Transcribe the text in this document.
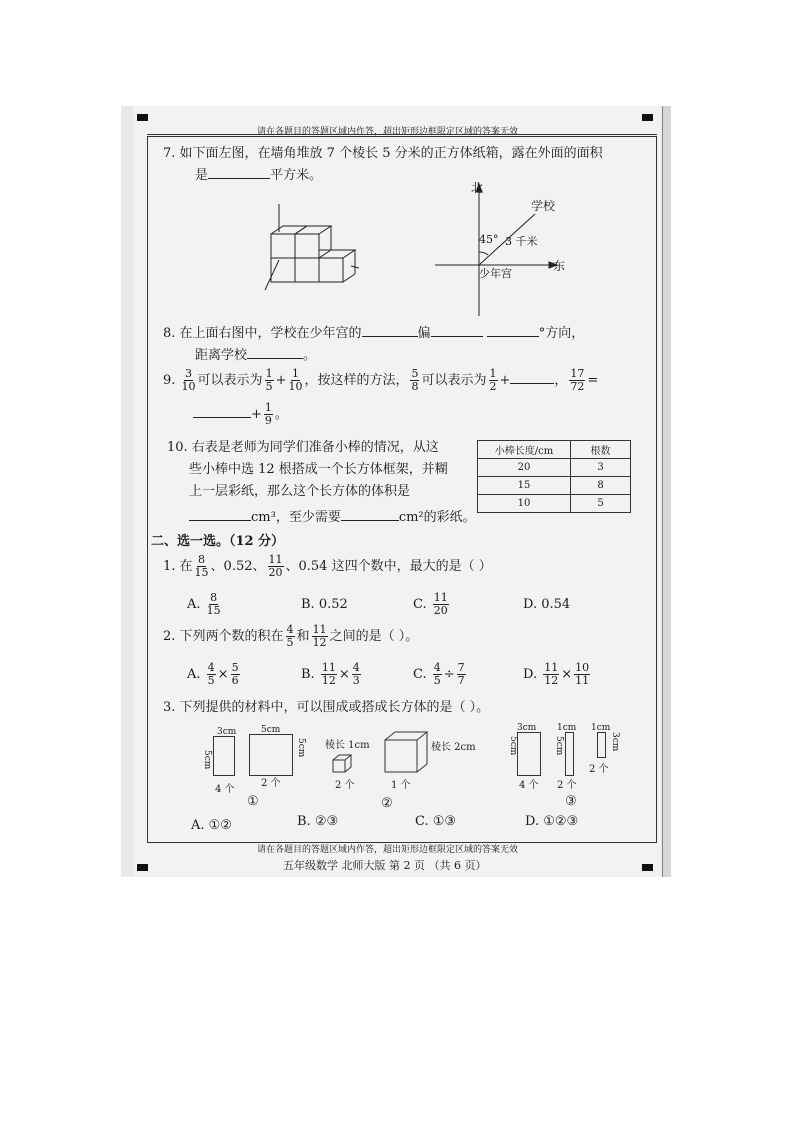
请在各题目的答题区域内作答，超出矩形边框限定区域的答案无效
7. 如下面左图，在墙角堆放 7 个棱长 5 分米的正方体纸箱，露在外面的面积
是	平方米。
北
学校
45° 3 千米
东
少年宫
8. 在上面右图中，学校在少年宫的	偏	°方向，
距离学校	。
9. $\frac{3}{10}$ 可以表示为 $\frac{1}{5} + \frac{1}{10}$ ，按这样的方法， $\frac{5}{8}$ 可以表示为 $\frac{1}{2}$ +	， $\frac{17}{72}$ =
+ $\frac{1}{9}$ 。
10. 右表是老师为同学们准备小棒的情况，从这
些小棒中选 12 根搭成一个长方体框架，并糊
上一层彩纸，那么这个长方体的体积是
cm³，至少需要	cm²的彩纸。
小棒长度/cm	根数
20	3
15	8
10	5
二、选一选。（12 分）
1. 在 $\frac{8}{15}$ 、0.52、 $\frac{11}{20}$ 、0.54 这四个数中，最大的是（ ）
A. $\frac{8}{15}$	B. 0.52	C. $\frac{11}{20}$	D. 0.54
2. 下列两个数的积在 $\frac{4}{5}$ 和 $\frac{11}{12}$ 之间的是（ ）。
A. $\frac{4}{5} \times \frac{5}{6}$	B. $\frac{11}{12} \times \frac{4}{3}$	C. $\frac{4}{5} \div \frac{7}{7}$	D. $\frac{11}{12} \times \frac{10}{11}$
3. 下列提供的材料中，可以围成或搭成长方体的是（ ）。
3cm
5cm
4 个
5cm
5cm
2 个
①
棱长 1cm
2 个
棱长 2cm
1 个
②
3cm
5cm
4 个
1cm
5cm
2 个
1cm
3cm
2 个
③
A. ①②	B. ②③	C. ①③	D. ①②③
请在各题目的答题区域内作答，超出矩形边框限定区域的答案无效
五年级数学 北师大版 第 2 页 （共 6 页）
